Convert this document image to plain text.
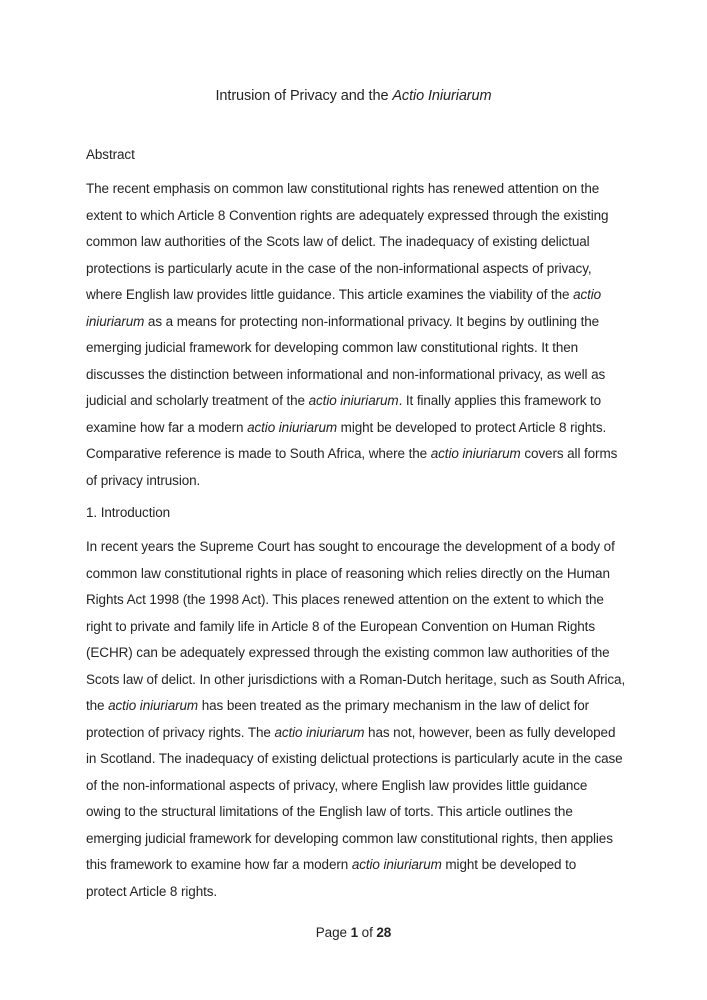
Intrusion of Privacy and the Actio Iniuriarum
Abstract
The recent emphasis on common law constitutional rights has renewed attention on the
extent to which Article 8 Convention rights are adequately expressed through the existing
common law authorities of the Scots law of delict. The inadequacy of existing delictual
protections is particularly acute in the case of the non-informational aspects of privacy,
where English law provides little guidance. This article examines the viability of the actio
iniuriarum as a means for protecting non-informational privacy. It begins by outlining the
emerging judicial framework for developing common law constitutional rights. It then
discusses the distinction between informational and non-informational privacy, as well as
judicial and scholarly treatment of the actio iniuriarum. It finally applies this framework to
examine how far a modern actio iniuriarum might be developed to protect Article 8 rights.
Comparative reference is made to South Africa, where the actio iniuriarum covers all forms
of privacy intrusion.
1. Introduction
In recent years the Supreme Court has sought to encourage the development of a body of
common law constitutional rights in place of reasoning which relies directly on the Human
Rights Act 1998 (the 1998 Act). This places renewed attention on the extent to which the
right to private and family life in Article 8 of the European Convention on Human Rights
(ECHR) can be adequately expressed through the existing common law authorities of the
Scots law of delict. In other jurisdictions with a Roman-Dutch heritage, such as South Africa,
the actio iniuriarum has been treated as the primary mechanism in the law of delict for
protection of privacy rights. The actio iniuriarum has not, however, been as fully developed
in Scotland. The inadequacy of existing delictual protections is particularly acute in the case
of the non-informational aspects of privacy, where English law provides little guidance
owing to the structural limitations of the English law of torts. This article outlines the
emerging judicial framework for developing common law constitutional rights, then applies
this framework to examine how far a modern actio iniuriarum might be developed to
protect Article 8 rights.
Page 1 of 28
